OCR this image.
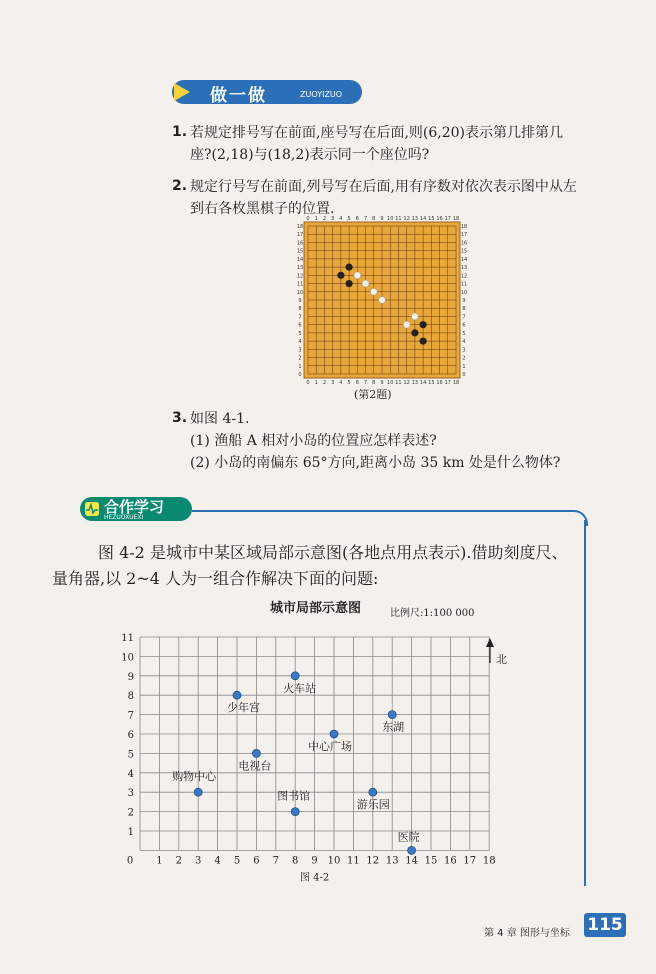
做一做	ZUOYIZUO
1. 若规定排号写在前面,座号写在后面,则(6,20)表示第几排第几
座?(2,18)与(18,2)表示同一个座位吗?
2. 规定行号写在前面,列号写在后面,用有序数对依次表示图中从左
到右各枚黑棋子的位置.
0
0
0	0
1
1
1	1
2
2
2	2
3
3
3	3
4
4
4	4
5
5
5	5
6
6
6	6
7
7
7	7
8
8
8	8
9
9
9	9
10
10
10	10
11
11
11	11
12
12
12	12
13
13
13	13
14
14
14	14
15
15
15	15
16
16
16	16
17
17
17	17
18
18
18	18
(第2题)
3. 如图 4-1.
(1) 渔船 A 相对小岛的位置应怎样表述?
(2) 小岛的南偏东 65°方向,距离小岛 35 km 处是什么物体?
合作学习
HEZUOXUEXI
图 4-2 是城市中某区域局部示意图(各地点用点表示).借助刻度尺、
量角器,以 2~4 人为一组合作解决下面的问题:
城市局部示意图	比例尺:1:100 000
0 1 2 3 4 5 6 7 8 9 10 11 12 13 14 15 16 17 18
1
2
3
4
5
6
7
8
9
10
11
北
少年宫
火车站
东湖
中心广场
电视台
购物中心
图书馆
游乐园
医院
图 4-2
第 4 章 图形与坐标 115
